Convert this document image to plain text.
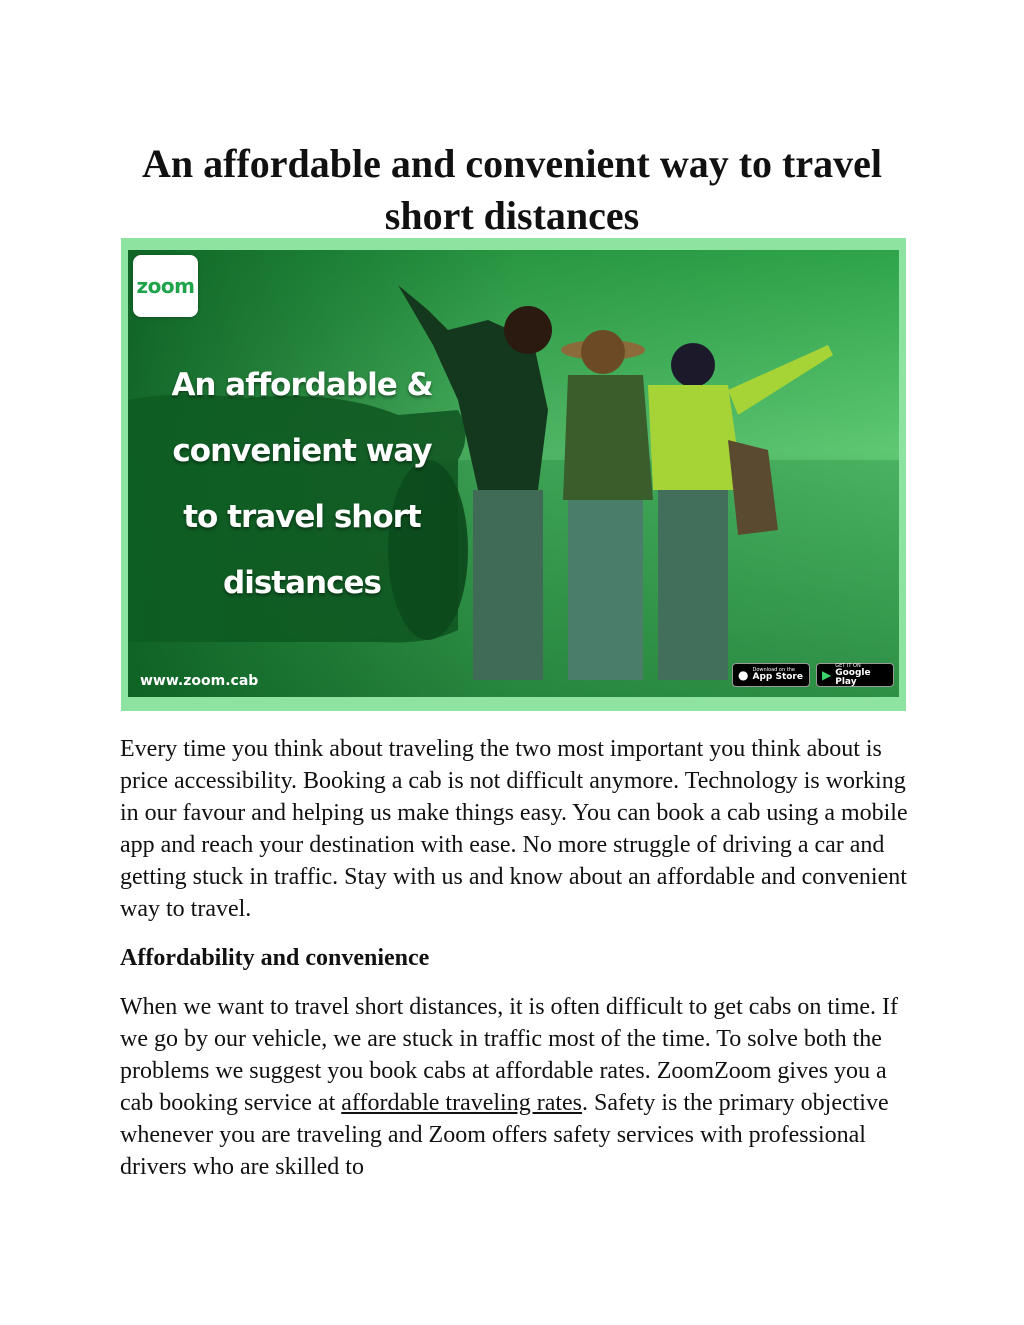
An affordable and convenient way to travel short distances
zoom
An affordable &
convenient way
to travel short
distances
www.zoom.cab	● Download on the
App Store ▶
GET IT ON
Google Play

Every time you think about traveling the two most important you think about is price accessibility. Booking a cab is not difficult anymore. Technology is working in our favour and helping us make things easy. You can book a cab using a mobile app and reach your destination with ease. No more struggle of driving a car and getting stuck in traffic. Stay with us and know about an affordable and convenient way to travel.

Affordability and convenience

When we want to travel short distances, it is often difficult to get cabs on time. If we go by our vehicle, we are stuck in traffic most of the time. To solve both the problems we suggest you book cabs at affordable rates. ZoomZoom gives you a cab booking service at affordable traveling rates. Safety is the primary objective whenever you are traveling and Zoom offers safety services with professional drivers who are skilled to
